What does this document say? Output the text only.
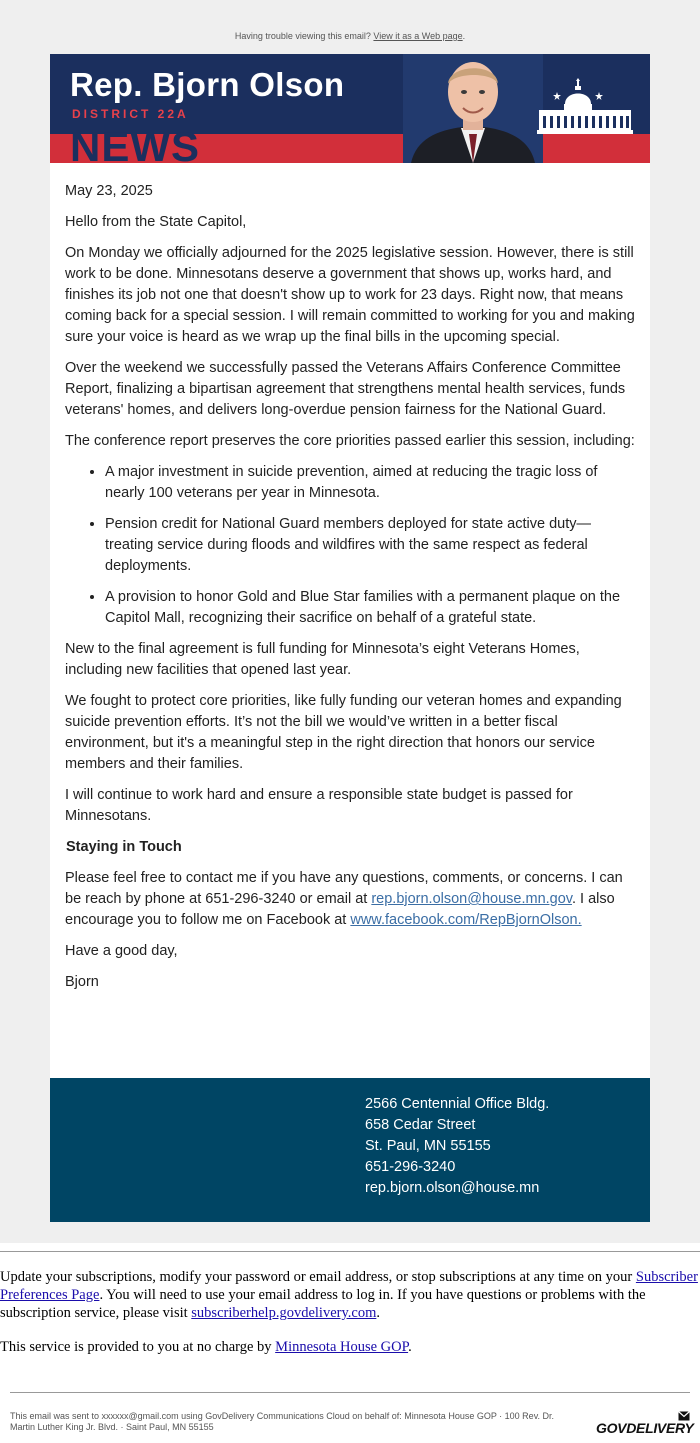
Having trouble viewing this email? View it as a Web page.
Rep. Bjorn Olson
DISTRICT 22A
NEWS

May 23, 2025

Hello from the State Capitol,

On Monday we officially adjourned for the 2025 legislative session. However, there is still work to be done. Minnesotans deserve a government that shows up, works hard, and finishes its job not one that doesn't show up to work for 23 days. Right now, that means coming back for a special session. I will remain committed to working for you and making sure your voice is heard as we wrap up the final bills in the upcoming special.

Over the weekend we successfully passed the Veterans Affairs Conference Committee Report, finalizing a bipartisan agreement that strengthens mental health services, funds veterans' homes, and delivers long-overdue pension fairness for the National Guard.

The conference report preserves the core priorities passed earlier this session, including:

• A major investment in suicide prevention, aimed at reducing the tragic loss of nearly 100 veterans per year in Minnesota.
• Pension credit for National Guard members deployed for state active duty—treating service during floods and wildfires with the same respect as federal deployments.
• A provision to honor Gold and Blue Star families with a permanent plaque on the Capitol Mall, recognizing their sacrifice on behalf of a grateful state.

New to the final agreement is full funding for Minnesota’s eight Veterans Homes, including new facilities that opened last year.

We fought to protect core priorities, like fully funding our veteran homes and expanding suicide prevention efforts. It’s not the bill we would’ve written in a better fiscal environment, but it's a meaningful step in the right direction that honors our service members and their families.

I will continue to work hard and ensure a responsible state budget is passed for Minnesotans.

Staying in Touch

Please feel free to contact me if you have any questions, comments, or concerns. I can be reach by phone at 651-296-3240 or email at rep.bjorn.olson@house.mn.gov. I also encourage you to follow me on Facebook at www.facebook.com/RepBjornOlson.

Have a good day,

Bjorn

2566 Centennial Office Bldg.
658 Cedar Street
St. Paul, MN 55155
651-296-3240
rep.bjorn.olson@house.mn

Update your subscriptions, modify your password or email address, or stop subscriptions at any time on your Subscriber Preferences Page. You will need to use your email address to log in. If you have questions or problems with the subscription service, please visit subscriberhelp.govdelivery.com.

This service is provided to you at no charge by Minnesota House GOP.

This email was sent to xxxxxx@gmail.com using GovDelivery Communications Cloud on behalf of: Minnesota House GOP · 100 Rev. Dr. Martin Luther King Jr. Blvd. · Saint Paul, MN 55155	GOVDELIVERY
